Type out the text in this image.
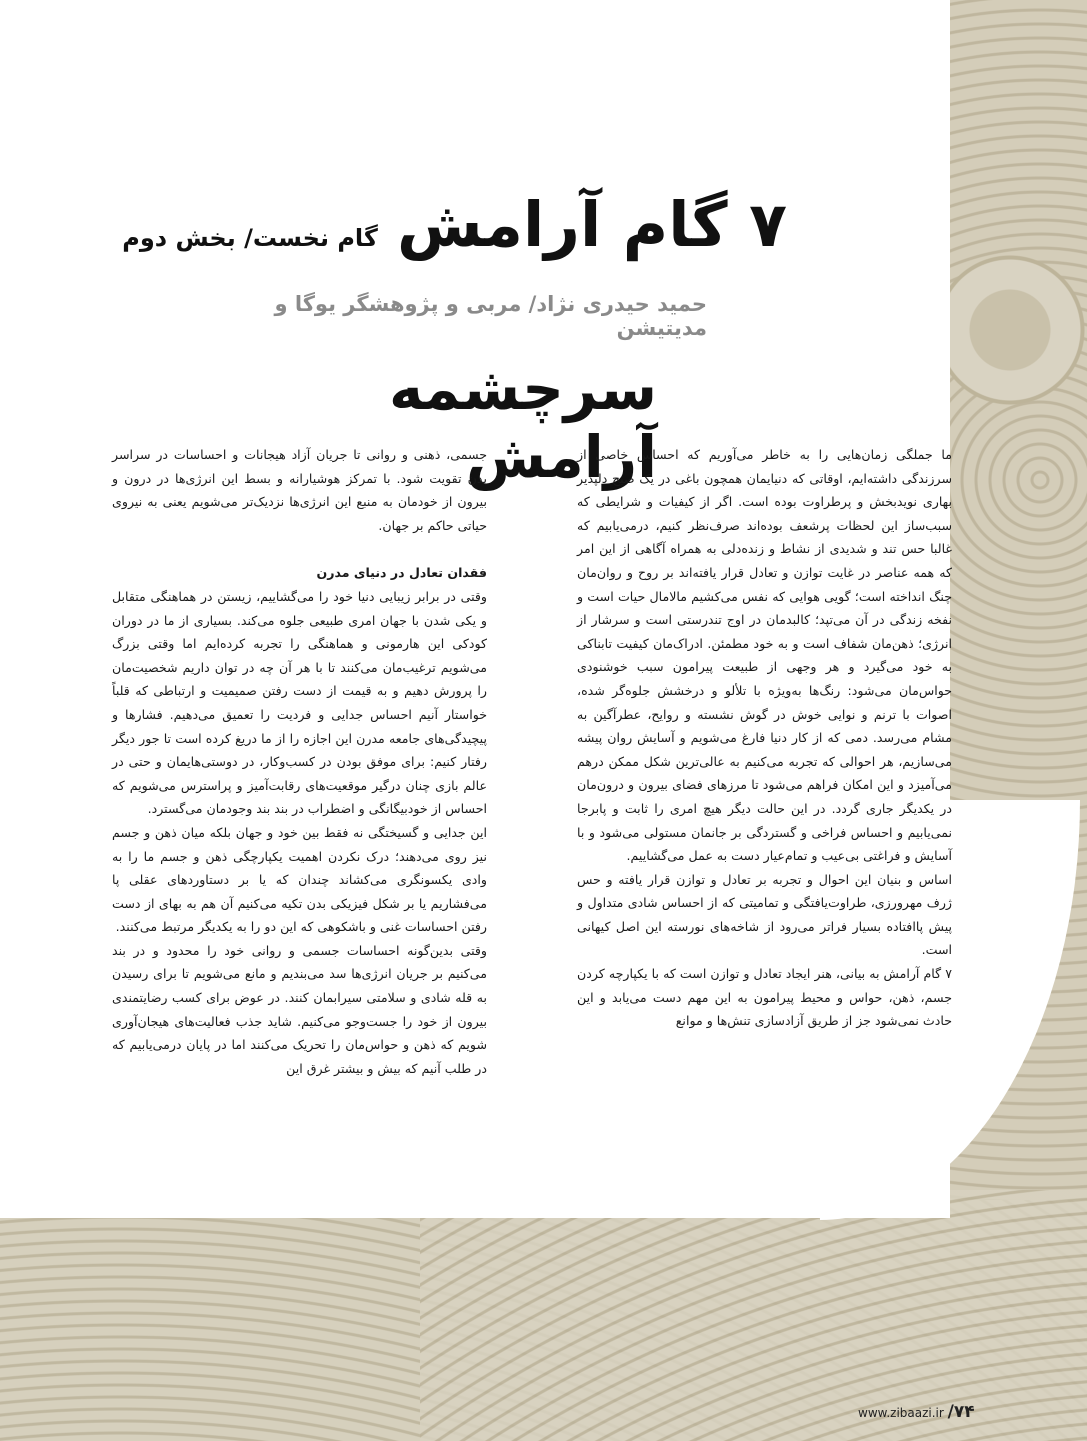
۷ گام آرامش گام نخست/ بخش دوم
حمید حیدری نژاد/ مربی و پژوهشگر یوگا و مدیتیشن
سرچشمه آرامش

ما جملگی زمان‌هایی را به خاطر می‌آوریم که احساس خاصی از سرزندگی داشته‌ایم، اوقاتی که دنیایمان همچون باغی در یک صبح دلپذیر بهاری نویدبخش و پرطراوت بوده است. اگر از کیفیات و شرایطی که سبب‌ساز این لحظات پرشعف بوده‌اند صرف‌نظر کنیم، درمی‌یابیم که غالبا حس تند و شدیدی از نشاط و زنده‌دلی به همراه آگاهی از این امر که همه عناصر در غایت توازن و تعادل قرار یافته‌اند بر روح و روان‌مان چنگ انداخته است؛ گویی هوایی که نفس می‌کشیم مالامال حیات است و نفخه زندگی در آن می‌تپد؛ کالبدمان در اوج تندرستی است و سرشار از انرژی؛ ذهن‌مان شفاف است و به خود مطمئن. ادراک‌مان کیفیت تابناکی به خود می‌گیرد و هر وجهی از طبیعت پیرامون سبب خوشنودی حواس‌مان می‌شود: رنگ‌ها به‌ویژه با تلألو و درخشش جلوه‌گر شده، اصوات با ترنم و نوایی خوش در گوش نشسته و روایح، عطرآگین به مشام می‌رسد. دمی که از کار دنیا فارغ می‌شویم و آسایش روان پیشه می‌سازیم، هر احوالی که تجربه می‌کنیم به عالی‌ترین شکل ممکن درهم می‌آمیزد و این امکان فراهم می‌شود تا مرزهای فضای بیرون و درون‌مان در یکدیگر جاری گردد. در این حالت دیگر هیچ امری را ثابت و پابرجا نمی‌یابیم و احساس فراخی و گستردگی بر جانمان مستولی می‌شود و با آسایش و فراغتی بی‌عیب و تمام‌عیار دست به عمل می‌گشاییم.

اساس و بنیان این احوال و تجربه بر تعادل و توازن قرار یافته و حس ژرف مهرورزی، طراوت‌یافتگی و تمامیتی که از احساس شادی متداول و پیش پاافتاده بسیار فراتر می‌رود از شاخه‌های نورسته این اصل کیهانی است.

۷ گام آرامش به بیانی، هنر ایجاد تعادل و توازن است که با یکپارچه کردن جسم، ذهن، حواس و محیط پیرامون به این مهم دست می‌یابد و این حادث نمی‌شود جز از طریق آزادسازی تنش‌ها و موانع

جسمی، ذهنی و روانی تا جریان آزاد هیجانات و احساسات در سراسر بدن تقویت شود. با تمرکز هوشیارانه و بسط این انرژی‌ها در درون و بیرون از خودمان به منبع این انرژی‌ها نزدیک‌تر می‌شویم یعنی به نیروی حیاتی حاکم بر جهان.

فقدان تعادل در دنیای مدرن

وقتی در برابر زیبایی دنیا خود را می‌گشاییم، زیستن در هماهنگی متقابل و یکی شدن با جهان امری طبیعی جلوه می‌کند. بسیاری از ما در دوران کودکی این هارمونی و هماهنگی را تجربه کرده‌ایم اما وقتی بزرگ می‌شویم ترغیب‌مان می‌کنند تا با هر آن چه در توان داریم شخصیت‌مان را پرورش دهیم و به قیمت از دست رفتن صمیمیت و ارتباطی که قلباً خواستار آنیم احساس جدایی و فردیت را تعمیق می‌دهیم. فشارها و پیچیدگی‌های جامعه مدرن این اجازه را از ما دریغ کرده است تا جور دیگر رفتار کنیم: برای موفق بودن در کسب‌وکار، در دوستی‌هایمان و حتی در عالم بازی چنان درگیر موقعیت‌های رقابت‌آمیز و پراسترس می‌شویم که احساس از خودبیگانگی و اضطراب در بند بند وجودمان می‌گسترد.

این جدایی و گسیختگی نه فقط بین خود و جهان بلکه میان ذهن و جسم نیز روی می‌دهند؛ درک نکردن اهمیت یکپارچگی ذهن و جسم ما را به وادی یکسونگری می‌کشاند چندان که یا بر دستاوردهای عقلی پا می‌فشاریم یا بر شکل فیزیکی بدن تکیه می‌کنیم آن هم به بهای از دست رفتن احساسات غنی و باشکوهی که این دو را به یکدیگر مرتبط می‌کنند.

وقتی بدین‌گونه احساسات جسمی و روانی خود را محدود و در بند می‌کنیم بر جریان انرژی‌ها سد می‌بندیم و مانع می‌شویم تا برای رسیدن به قله شادی و سلامتی سیرابمان کنند. در عوض برای کسب رضایتمندی بیرون از خود را جست‌وجو می‌کنیم. شاید جذب فعالیت‌های هیجان‌آوری شویم که ذهن و حواس‌مان را تحریک می‌کنند اما در پایان درمی‌یابیم که در طلب آنیم که بیش و بیشتر غرق این

www.zibaazi.ir /۷۴
